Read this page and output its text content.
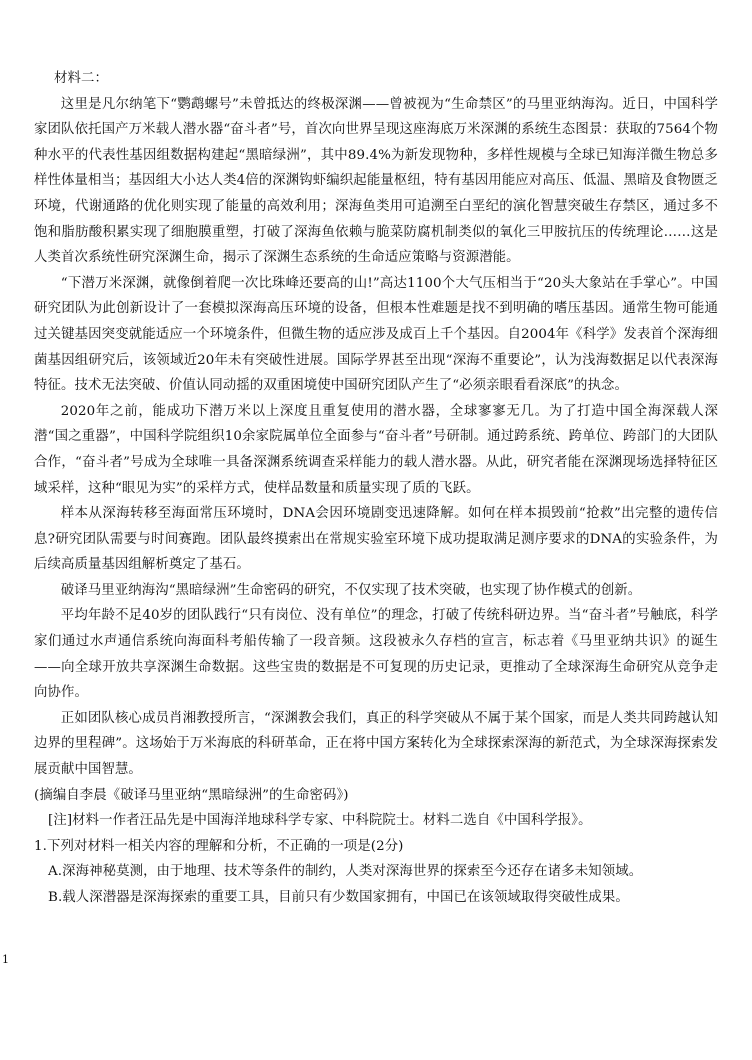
材料二：

这里是凡尔纳笔下“鹦鹉螺号”未曾抵达的终极深渊——曾被视为“生命禁区”的马里亚纳海沟。近日，中国科学家团队依托国产万米载人潜水器“奋斗者”号，首次向世界呈现这座海底万米深渊的系统生态图景：获取的7564个物种水平的代表性基因组数据构建起“黑暗绿洲”，其中89.4%为新发现物种，多样性规模与全球已知海洋微生物总多样性体量相当；基因组大小达人类4倍的深渊钩虾编织起能量枢纽，特有基因用能应对高压、低温、黑暗及食物匮乏环境，代谢通路的优化则实现了能量的高效利用；深海鱼类用可追溯至白垩纪的演化智慧突破生存禁区，通过多不饱和脂肪酸积累实现了细胞膜重塑，打破了深海鱼依赖与脆菜防腐机制类似的氧化三甲胺抗压的传统理论……这是人类首次系统性研究深渊生命，揭示了深渊生态系统的生命适应策略与资源潜能。

“下潜万米深渊，就像倒着爬一次比珠峰还要高的山!”高达1100个大气压相当于“20头大象站在手掌心”。中国研究团队为此创新设计了一套模拟深海高压环境的设备，但根本性难题是找不到明确的嗜压基因。通常生物可能通过关键基因突变就能适应一个环境条件，但微生物的适应涉及成百上千个基因。自2004年《科学》发表首个深海细菌基因组研究后，该领域近20年未有突破性进展。国际学界甚至出现“深海不重要论”，认为浅海数据足以代表深海特征。技术无法突破、价值认同动摇的双重困境使中国研究团队产生了“必须亲眼看看深底”的执念。

2020年之前，能成功下潜万米以上深度且重复使用的潜水器，全球寥寥无几。为了打造中国全海深载人深潜“国之重器”，中国科学院组织10余家院属单位全面参与“奋斗者”号研制。通过跨系统、跨单位、跨部门的大团队合作，“奋斗者”号成为全球唯一具备深渊系统调查采样能力的载人潜水器。从此，研究者能在深渊现场选择特征区域采样，这种“眼见为实”的采样方式，使样品数量和质量实现了质的飞跃。

样本从深海转移至海面常压环境时，DNA会因环境剧变迅速降解。如何在样本损毁前“抢救”出完整的遗传信息?研究团队需要与时间赛跑。团队最终摸索出在常规实验室环境下成功提取满足测序要求的DNA的实验条件，为后续高质量基因组解析奠定了基石。

破译马里亚纳海沟“黑暗绿洲”生命密码的研究，不仅实现了技术突破，也实现了协作模式的创新。

平均年龄不足40岁的团队践行“只有岗位、没有单位”的理念，打破了传统科研边界。当“奋斗者”号触底，科学家们通过水声通信系统向海面科考船传输了一段音频。这段被永久存档的宣言，标志着《马里亚纳共识》的诞生——向全球开放共享深渊生命数据。这些宝贵的数据是不可复现的历史记录，更推动了全球深海生命研究从竞争走向协作。

正如团队核心成员肖湘教授所言，“深渊教会我们，真正的科学突破从不属于某个国家，而是人类共同跨越认知边界的里程碑”。这场始于万米海底的科研革命，正在将中国方案转化为全球探索深海的新范式，为全球深海探索发展贡献中国智慧。

(摘编自李晨《破译马里亚纳“黑暗绿洲”的生命密码》)

[注]材料一作者汪品先是中国海洋地球科学专家、中科院院士。材料二选自《中国科学报》。

1.下列对材料一相关内容的理解和分析，不正确的一项是(2分)

A.深海神秘莫测，由于地理、技术等条件的制约，人类对深海世界的探索至今还存在诸多未知领域。

B.载人深潜器是深海探索的重要工具，目前只有少数国家拥有，中国已在该领域取得突破性成果。

1
